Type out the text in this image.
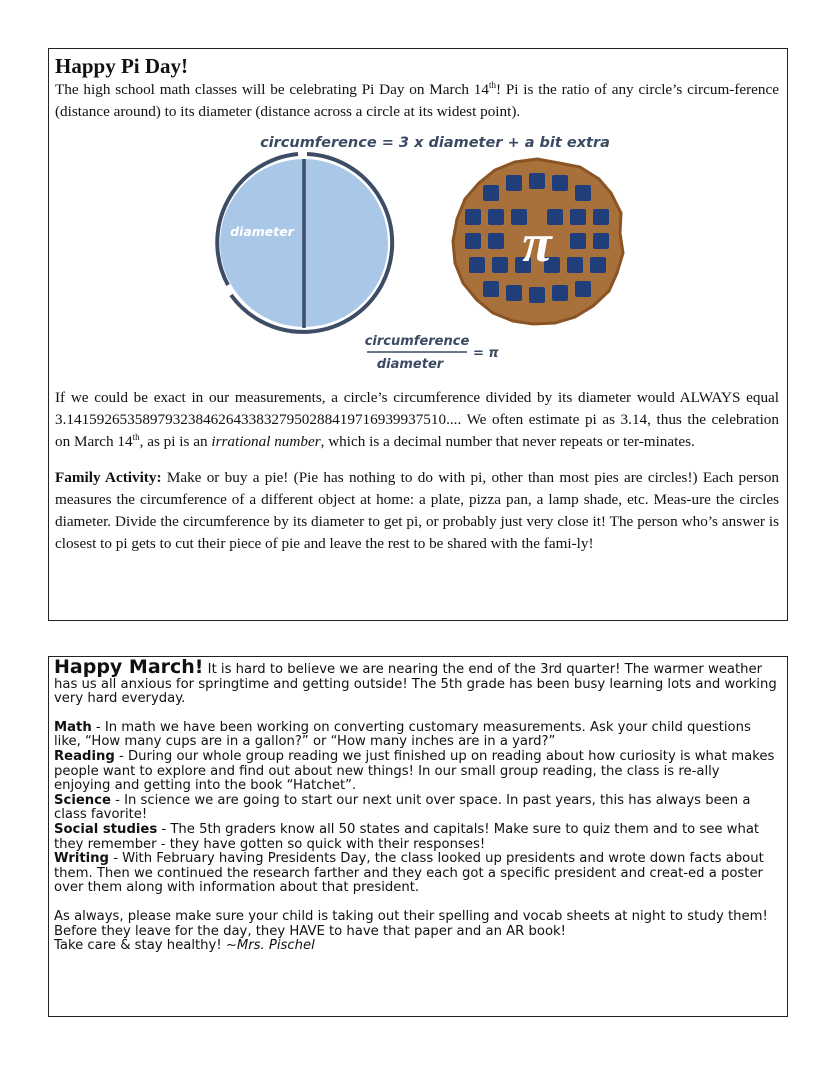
Happy Pi Day!

The high school math classes will be celebrating Pi Day on March 14th! Pi is the ratio of any circle’s circum-ference (distance around) to its diameter (distance across a circle at its widest point).

circumference = 3 x diameter + a bit extra
diameter
circumference
diameter
= π
π

If we could be exact in our measurements, a circle’s circumference divided by its diameter would ALWAYS equal 3.14159265358979323846264338327950288419716939937510.... We often estimate pi as 3.14, thus the celebration on March 14th, as pi is an irrational number, which is a decimal number that never repeats or ter-minates.

Family Activity: Make or buy a pie! (Pie has nothing to do with pi, other than most pies are circles!) Each person measures the circumference of a different object at home: a plate, pizza pan, a lamp shade, etc. Meas-ure the circles diameter. Divide the circumference by its diameter to get pi, or probably just very close it! The person who’s answer is closest to pi gets to cut their piece of pie and leave the rest to be shared with the fami-ly!

Happy March! It is hard to believe we are nearing the end of the 3rd quarter! The warmer weather has us all anxious for springtime and getting outside! The 5th grade has been busy learning lots and working very hard everyday.

Math - In math we have been working on converting customary measurements. Ask your child questions like, “How many cups are in a gallon?” or “How many inches are in a yard?”

Reading - During our whole group reading we just finished up on reading about how curiosity is what makes people want to explore and find out about new things! In our small group reading, the class is re-ally enjoying and getting into the book “Hatchet”.

Science - In science we are going to start our next unit over space. In past years, this has always been a class favorite!

Social studies - The 5th graders know all 50 states and capitals! Make sure to quiz them and to see what they remember - they have gotten so quick with their responses!

Writing - With February having Presidents Day, the class looked up presidents and wrote down facts about them. Then we continued the research farther and they each got a specific president and creat-ed a poster over them along with information about that president.

As always, please make sure your child is taking out their spelling and vocab sheets at night to study them! Before they leave for the day, they HAVE to have that paper and an AR book!

Take care & stay healthy! ~Mrs. Pischel
